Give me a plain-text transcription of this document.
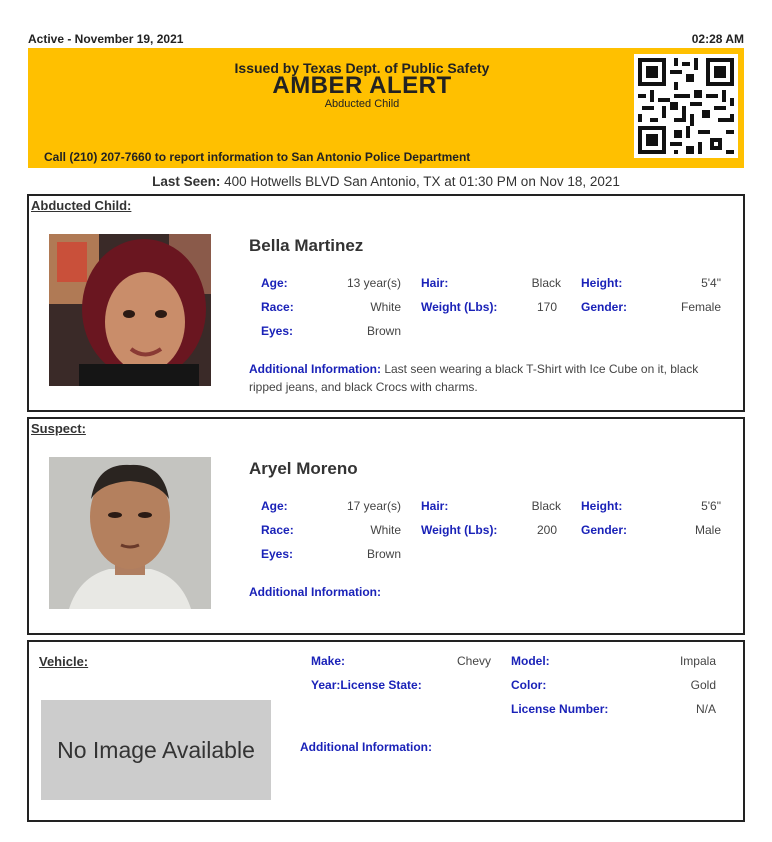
Active - November 19, 2021	02:28 AM
Issued by Texas Dept. of Public Safety
AMBER ALERT
Abducted Child
Call (210) 207-7660 to report information to San Antonio Police Department
Last Seen: 400 Hotwells BLVD San Antonio, TX at 01:30 PM on Nov 18, 2021
Abducted Child:
Bella Martinez
Age:	13 year(s) Hair:	Black Height:	5'4"
Race:	White Weight (Lbs):	170 Gender:	Female
Eyes:	Brown
Additional Information: Last seen wearing a black T-Shirt with Ice Cube on it, black ripped jeans, and black Crocs with charms.
Suspect:
Aryel Moreno
Age:	17 year(s) Hair:	Black Height:	5'6"
Race:	White Weight (Lbs):	200 Gender:	Male
Eyes:	Brown
Additional Information:
Vehicle:
No Image Available
Make:	Chevy Model:	Impala
Year:License State:	Color:	Gold
License Number:	N/A
Additional Information:
